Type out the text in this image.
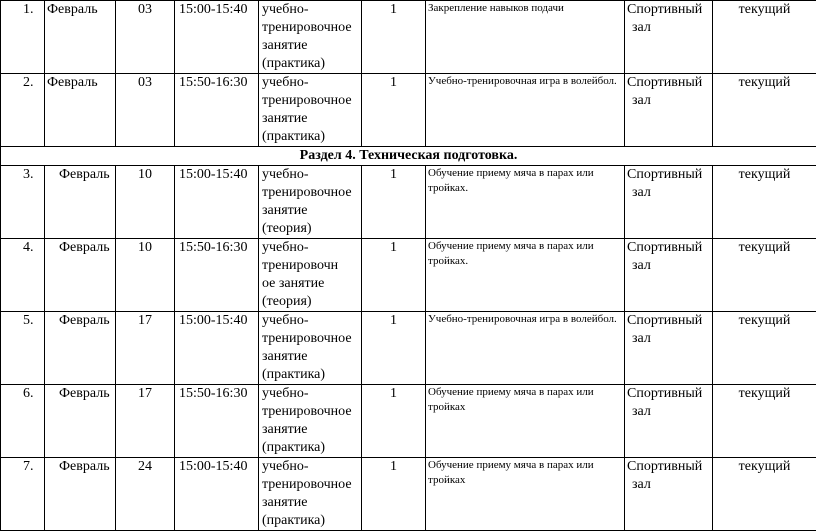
1.	Февраль	03	15:00-15:40	учебно-
тренировочное
занятие
(практика)	1	Закрепление навыков подачи	Спортивный
зал	текущий
2.	Февраль	03	15:50-16:30	учебно-
тренировочное
занятие
(практика)	1	Учебно-тренировочная игра в волейбол.	Спортивный
зал	текущий
Раздел 4. Техническая подготовка.								
3.	Февраль	10	15:00-15:40	учебно-
тренировочное
занятие
(теория)	1	Обучение приему мяча в парах или тройках.	Спортивный
зал	текущий
4.	Февраль	10	15:50-16:30	учебно-
тренировочн
ое занятие
(теория)	1	Обучение приему мяча в парах или тройках.	Спортивный
зал	текущий
5.	Февраль	17	15:00-15:40	учебно-
тренировочное
занятие
(практика)	1	Учебно-тренировочная игра в волейбол.	Спортивный
зал	текущий
6.	Февраль	17	15:50-16:30	учебно-
тренировочное
занятие
(практика)	1	Обучение приему мяча в парах или тройках	Спортивный
зал	текущий
7.	Февраль	24	15:00-15:40	учебно-
тренировочное
занятие
(практика)	1	Обучение приему мяча в парах или тройках	Спортивный
зал	текущий
